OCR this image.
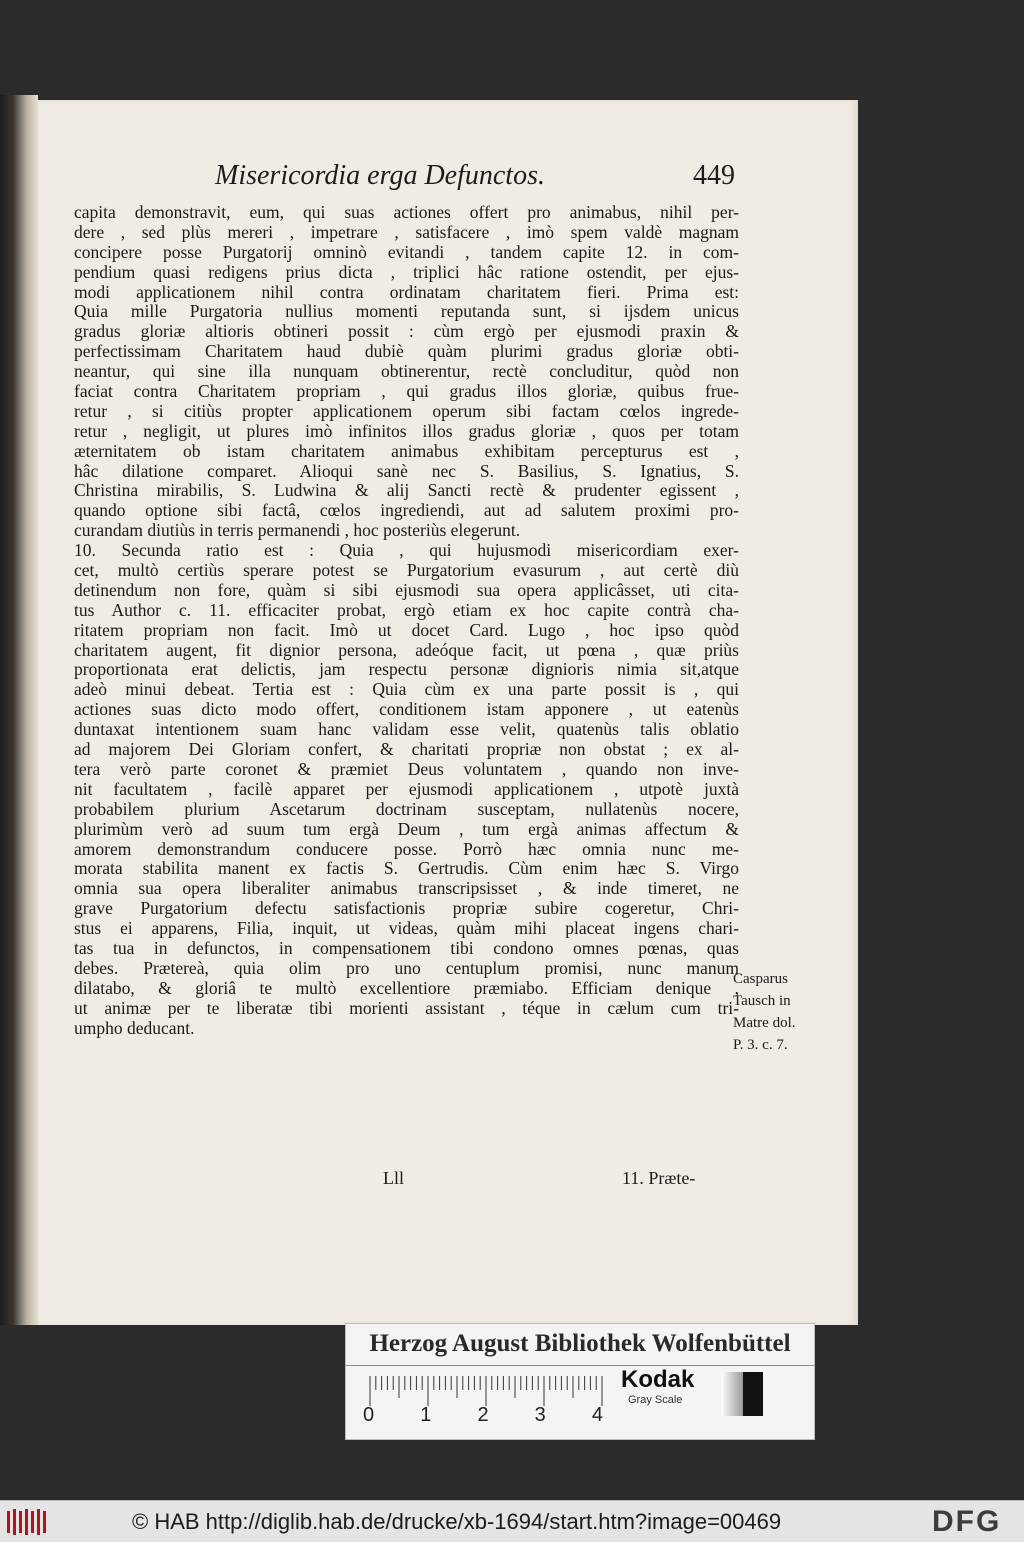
Misericordia erga Defunctos.	449
capita demonstravit, eum, qui suas actiones offert pro animabus, nihil per-
dere , sed plùs mereri , impetrare , satisfacere , imò spem valdè magnam
concipere posse Purgatorij omninò evitandi , tandem capite 12. in com-
pendium quasi redigens prius dicta , triplici hâc ratione ostendit, per ejus-
modi applicationem nihil contra ordinatam charitatem fieri. Prima est:
Quia mille Purgatoria nullius momenti reputanda sunt, si ijsdem unicus
gradus gloriæ altioris obtineri possit : cùm ergò per ejusmodi praxin &
perfectissimam Charitatem haud dubiè quàm plurimi gradus gloriæ obti-
neantur, qui sine illa nunquam obtinerentur, rectè concluditur, quòd non
faciat contra Charitatem propriam , qui gradus illos gloriæ, quibus frue-
retur , si citiùs propter applicationem operum sibi factam cœlos ingrede-
retur , negligit, ut plures imò infinitos illos gradus gloriæ , quos per totam
æternitatem ob istam charitatem animabus exhibitam percepturus est ,
hâc dilatione comparet. Alioqui sanè nec S. Basilius, S. Ignatius, S.
Christina mirabilis, S. Ludwina & alij Sancti rectè & prudenter egissent ,
quando optione sibi factâ, cœlos ingrediendi, aut ad salutem proximi pro-
curandam diutiùs in terris permanendi , hoc posteriùs elegerunt.
10. Secunda ratio est : Quia , qui hujusmodi misericordiam exer-
cet, multò certiùs sperare potest se Purgatorium evasurum , aut certè diù
detinendum non fore, quàm si sibi ejusmodi sua opera applicâsset, uti cita-
tus Author c. 11. efficaciter probat, ergò etiam ex hoc capite contrà cha-
ritatem propriam non facit. Imò ut docet Card. Lugo , hoc ipso quòd
charitatem augent, fit dignior persona, adeóque facit, ut pœna , quæ priùs
proportionata erat delictis, jam respectu personæ dignioris nimia sit,atque
adeò minui debeat. Tertia est : Quia cùm ex una parte possit is , qui
actiones suas dicto modo offert, conditionem istam apponere , ut eatenùs
duntaxat intentionem suam hanc validam esse velit, quatenùs talis oblatio
ad majorem Dei Gloriam confert, & charitati propriæ non obstat ; ex al-
tera verò parte coronet & præmiet Deus voluntatem , quando non inve-
nit facultatem , facilè apparet per ejusmodi applicationem , utpotè juxtà
probabilem plurium Ascetarum doctrinam susceptam, nullatenùs nocere,
plurimùm verò ad suum tum ergà Deum , tum ergà animas affectum &
amorem demonstrandum conducere posse. Porrò hæc omnia nunc me-
morata stabilita manent ex factis S. Gertrudis. Cùm enim hæc S. Virgo
omnia sua opera liberaliter animabus transcripsisset , & inde timeret, ne
grave Purgatorium defectu satisfactionis propriæ subire cogeretur, Chri-
stus ei apparens, Filia, inquit, ut videas, quàm mihi placeat ingens chari-
tas tua in defunctos, in compensationem tibi condono omnes pœnas, quas
debes. Prætereà, quia olim pro uno centuplum promisi, nunc manum
dilatabo, & gloriâ te multò excellentiore præmiabo. Efficiam denique ,
ut animæ per te liberatæ tibi morienti assistant , téque in cælum cum tri-
umpho deducant.
Casparus
Tausch in
Matre dol.
P. 3. c. 7.
Lll	11. Præte-
Herzog August Bibliothek Wolfenbüttel
0 1 2 3 4
Kodak
Gray Scale
© HAB http://diglib.hab.de/drucke/xb-1694/start.htm?image=00469	DFG
